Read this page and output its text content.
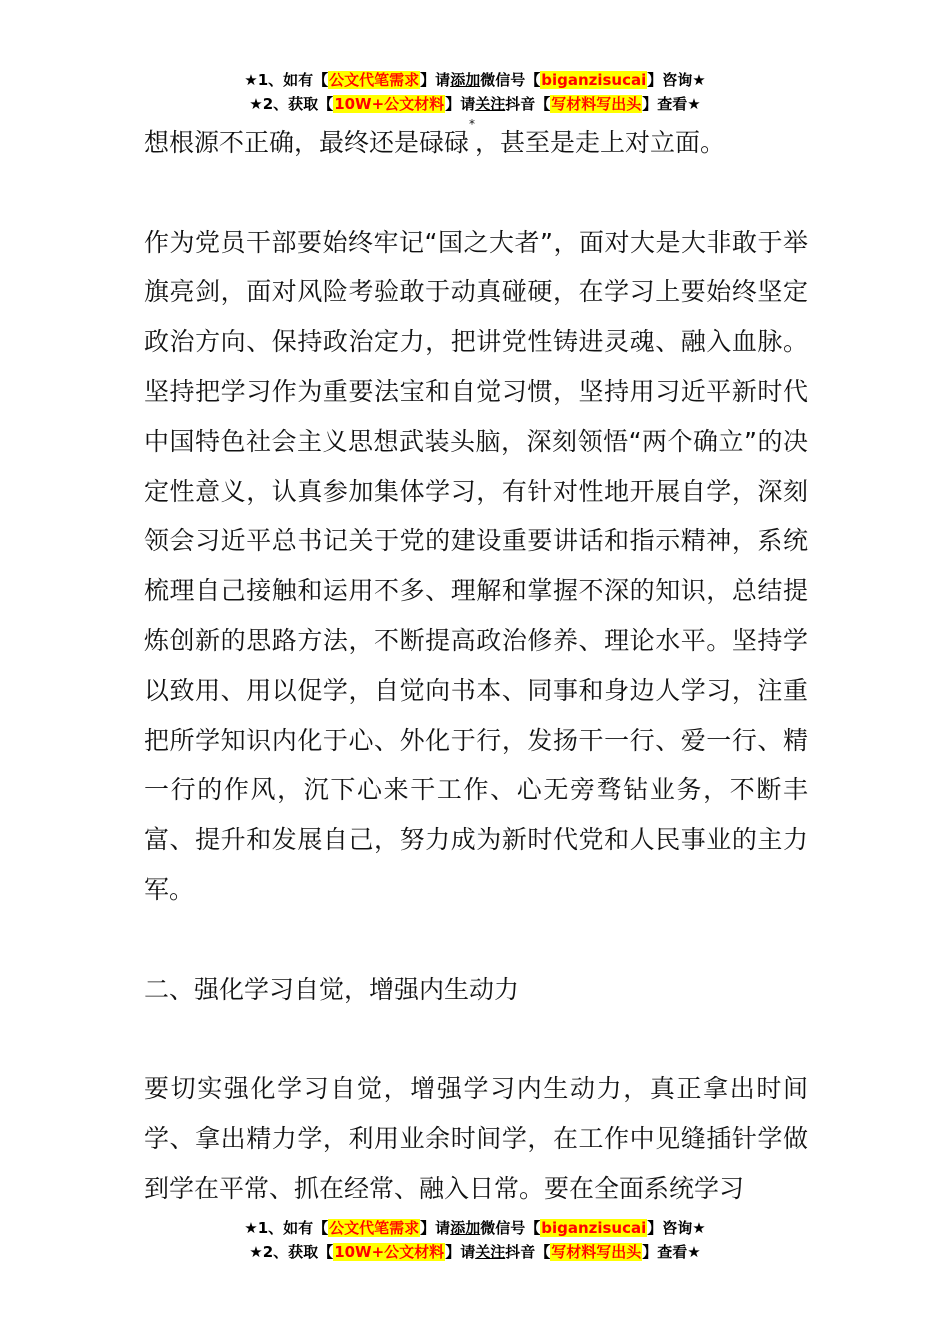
★1、如有【公文代笔需求】请添加微信号【biganzisucai】咨询★
★2、获取【10W+公文材料】请关注抖音【写材料写出头】查看★

想根源不正确，最终还是碌碌*，甚至是走上对立面。

作为党员干部要始终牢记“国之大者”，面对大是大非敢于举旗亮剑，面对风险考验敢于动真碰硬，在学习上要始终坚定政治方向、保持政治定力，把讲党性铸进灵魂、融入血脉。坚持把学习作为重要法宝和自觉习惯，坚持用习近平新时代中国特色社会主义思想武装头脑，深刻领悟“两个确立”的决定性意义，认真参加集体学习，有针对性地开展自学，深刻领会习近平总书记关于党的建设重要讲话和指示精神，系统梳理自己接触和运用不多、理解和掌握不深的知识，总结提炼创新的思路方法，不断提高政治修养、理论水平。坚持学以致用、用以促学，自觉向书本、同事和身边人学习，注重把所学知识内化于心、外化于行，发扬干一行、爱一行、精一行的作风，沉下心来干工作、心无旁骛钻业务，不断丰富、提升和发展自己，努力成为新时代党和人民事业的主力军。

二、强化学习自觉，增强内生动力

要切实强化学习自觉，增强学习内生动力，真正拿出时间学、拿出精力学，利用业余时间学，在工作中见缝插针学做到学在平常、抓在经常、融入日常。要在全面系统学习

★1、如有【公文代笔需求】请添加微信号【biganzisucai】咨询★
★2、获取【10W+公文材料】请关注抖音【写材料写出头】查看★
